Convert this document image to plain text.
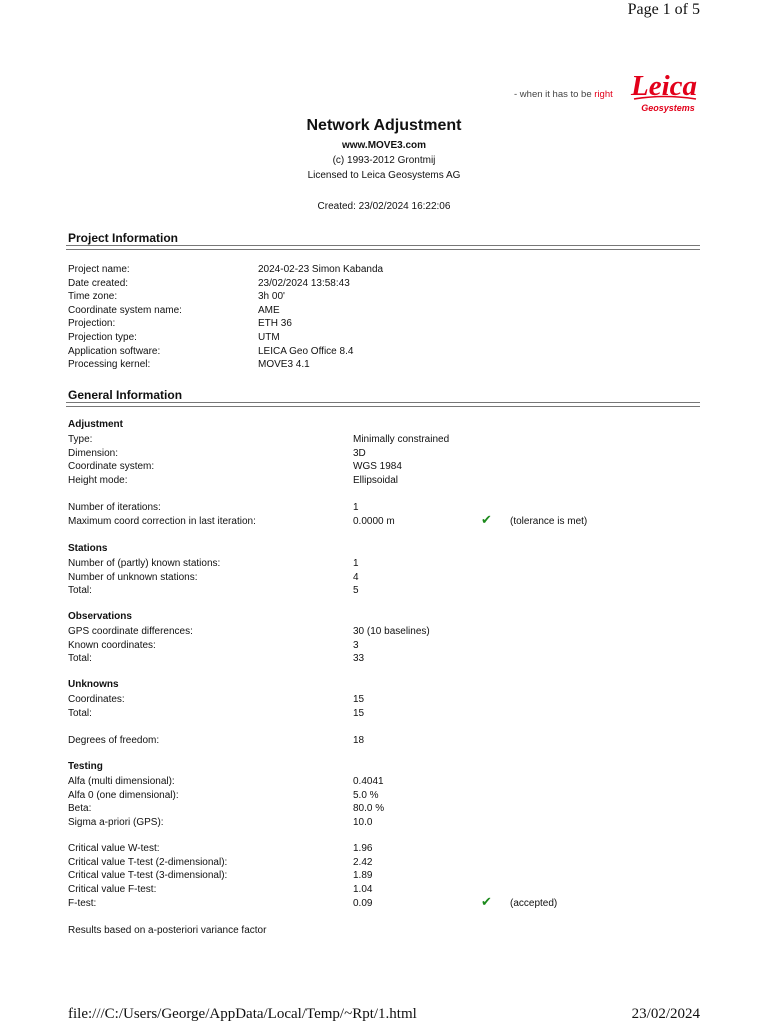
Page 1 of 5
- when it has to be right Leica
Geosystems
Network Adjustment
www.MOVE3.com
(c) 1993-2012 Grontmij
Licensed to Leica Geosystems AG
Created: 23/02/2024 16:22:06
Project Information
Project name:	2024-02-23 Simon Kabanda
Date created:	23/02/2024 13:58:43
Time zone:	3h 00'
Coordinate system name:	AME
Projection:	ETH 36
Projection type:	UTM
Application software:	LEICA Geo Office 8.4
Processing kernel:	MOVE3 4.1
General Information
Adjustment
Type:	Minimally constrained
Dimension:	3D
Coordinate system:	WGS 1984
Height mode:	Ellipsoidal
Number of iterations:	1
Maximum coord correction in last iteration:	0.0000 m	✔ (tolerance is met)
Stations
Number of (partly) known stations:	1
Number of unknown stations:	4
Total:	5
Observations
GPS coordinate differences:	30 (10 baselines)
Known coordinates:	3
Total:	33
Unknowns
Coordinates:	15
Total:	15
Degrees of freedom:	18
Testing
Alfa (multi dimensional):	0.4041
Alfa 0 (one dimensional):	5.0 %
Beta:	80.0 %
Sigma a-priori (GPS):	10.0
Critical value W-test:	1.96
Critical value T-test (2-dimensional):	2.42
Critical value T-test (3-dimensional):	1.89
Critical value F-test:	1.04
F-test:	0.09	✔ (accepted)
Results based on a-posteriori variance factor
file:///C:/Users/George/AppData/Local/Temp/~Rpt/1.html	23/02/2024
